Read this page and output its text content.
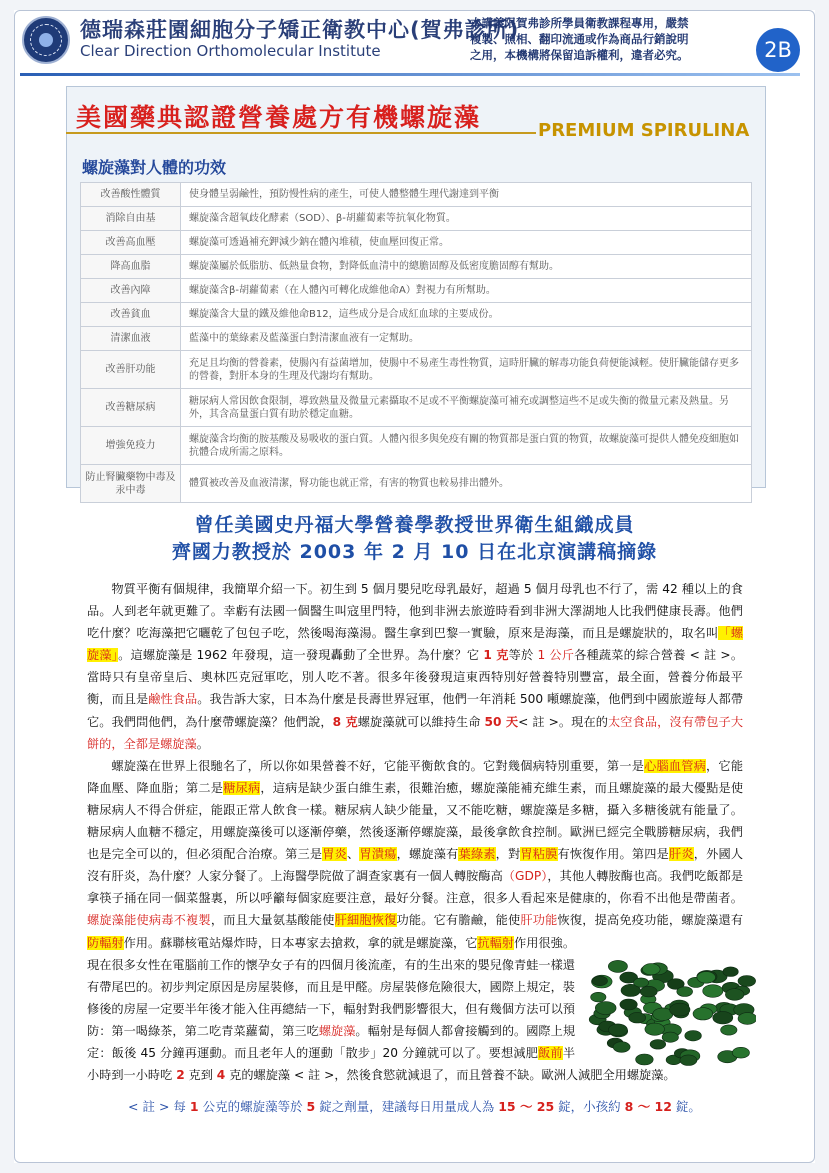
德瑞森莊園細胞分子矯正衛教中心(賀弗診所)
Clear Direction Orthomolecular Institute
本講義限賀弗診所學員衛教課程專用，嚴禁
複製、照相、翻印流通或作為商品行銷說明
之用，本機構將保留追訴權利，違者必究。	2B
美國藥典認證營養處方有機螺旋藻	PREMIUM SPIRULINA
螺旋藻對人體的功效
改善酸性體質	使身體呈弱鹼性，預防慢性病的產生，可使人體整體生理代謝達到平衡
消除自由基	螺旋藻含超氧歧化酵素（SOD）、β-胡蘿蔔素等抗氧化物質。
改善高血壓	螺旋藻可透過補充鉀減少鈉在體內堆積，使血壓回復正常。
降高血脂	螺旋藻屬於低脂肪、低熱量食物，對降低血清中的總膽固醇及低密度膽固醇有幫助。
改善內障	螺旋藻含β-胡蘿蔔素（在人體內可轉化成維他命A）對視力有所幫助。
改善貧血	螺旋藻含大量的鐵及維他命B12，這些成分是合成紅血球的主要成份。
清潔血液	藍藻中的葉綠素及藍藻蛋白對清潔血液有一定幫助。
改善肝功能	充足且均衡的營養素，使腸內有益菌增加，使腸中不易產生毒性物質，這時肝臟的解毒功能負荷便能減輕。使肝臟能儲存更多的營養，對肝本身的生理及代謝均有幫助。
改善糖尿病	糖尿病人常因飲食限制，導致熱量及微量元素攝取不足或不平衡螺旋藻可補充或調整這些不足或失衡的微量元素及熱量。另外，其含高量蛋白質有助於穩定血糖。
增強免疫力	螺旋藻含均衡的胺基酸及易吸收的蛋白質。人體內很多與免疫有關的物質都是蛋白質的物質，故螺旋藻可提供人體免疫細胞如抗體合成所需之原料。
防止腎臟藥物中毒及汞中毒	體質被改善及血液清潔，腎功能也就正常，有害的物質也較易排出體外。
曾任美國史丹福大學營養學教授世界衛生組織成員
齊國力教授於 2003 年 2 月 10 日在北京演講稿摘錄

物質平衡有個規律，我簡單介紹一下。初生到 5 個月嬰兒吃母乳最好，超過 5 個月母乳也不行了，需 42 種以上的食品。人到老年就更難了。幸虧有法國一個醫生叫寇里門特，他到非洲去旅遊時看到非洲大澤湖地人比我們健康長壽。他們吃什麼？吃海藻把它曬乾了包包子吃，然後喝海藻湯。醫生拿到巴黎一實驗，原來是海藻，而且是螺旋狀的，取名叫「螺旋藻」。這螺旋藻是 1962 年發現，這一發現轟動了全世界。為什麼？它 1 克等於 1 公斤各種蔬菜的綜合營養 < 註 >。當時只有皇帝皇后、奧林匹克冠軍吃，別人吃不著。很多年後發現這東西特別好營養特別豐富，最全面，營養分佈最平衡，而且是鹼性食品。我告訴大家，日本為什麼是長壽世界冠軍，他們一年消耗 500 噸螺旋藻，他們到中國旅遊每人都帶它。我們問他們，為什麼帶螺旋藻？他們說，8 克螺旋藻就可以維持生命 50 天< 註 >。現在的太空食品，沒有帶包子大餅的，全都是螺旋藻。

螺旋藻在世界上很馳名了，所以你如果營養不好，它能平衡飲食的。它對幾個病特別重要，第一是心腦血管病，它能降血壓、降血脂；第二是糖尿病，這病是缺少蛋白維生素，很難治癒，螺旋藻能補充維生素，而且螺旋藻的最大優點是使糖尿病人不得合併症，能跟正常人飲食一樣。糖尿病人缺少能量，又不能吃糖，螺旋藻是多糖，攝入多糖後就有能量了。糖尿病人血糖不穩定，用螺旋藻後可以逐漸停藥，然後逐漸停螺旋藻，最後拿飲食控制。歐洲已經完全戰勝糖尿病，我們也是完全可以的，但必須配合治療。第三是胃炎、胃潰瘍，螺旋藻有葉綠素，對胃粘膜有恢復作用。第四是肝炎，外國人沒有肝炎，為什麼？人家分餐了。上海醫學院做了調查家裏有一個人轉胺酶高（GDP），其他人轉胺酶也高。我們吃飯都是拿筷子捅在同一個菜盤裏，所以呼籲每個家庭要注意，最好分餐。注意，很多人看起來是健康的，你看不出他是帶菌者。螺旋藻能使病毒不複製，而且大量氨基酸能使肝細胞恢復功能。它有膽鹼，能使肝功能恢復，提高免疫功能，螺旋藻還有防輻射作用。蘇聯核電站爆炸時，日本專家去搶救，拿的就是螺旋藻，它抗輻射作用很強。現在很多女性在電腦前工作的懷孕女子有的四個月後流產，有的生出來的嬰兒像青蛙一樣還有帶尾巴的。初步判定原因是房屋裝修，而且是甲醛。房屋裝修危險很大，國際上規定，裝修後的房屋一定要半年後才能入住再總結一下，輻射對我們影響很大，但有幾個方法可以預防：第一喝綠茶，第二吃青菜蘿蔔，第三吃螺旋藻。輻射是每個人都會接觸到的。國際上規定：飯後 45 分鐘再運動。而且老年人的運動「散步」20 分鐘就可以了。要想減肥飯前半小時到一小時吃 2 克到 4 克的螺旋藻 < 註 >，然後食慾就減退了，而且營養不缺。歐洲人減肥全用螺旋藻。

< 註 > 每 1 公克的螺旋藻等於 5 錠之劑量，建議每日用量成人為 15 ～ 25 錠，小孩約 8 ～ 12 錠。
